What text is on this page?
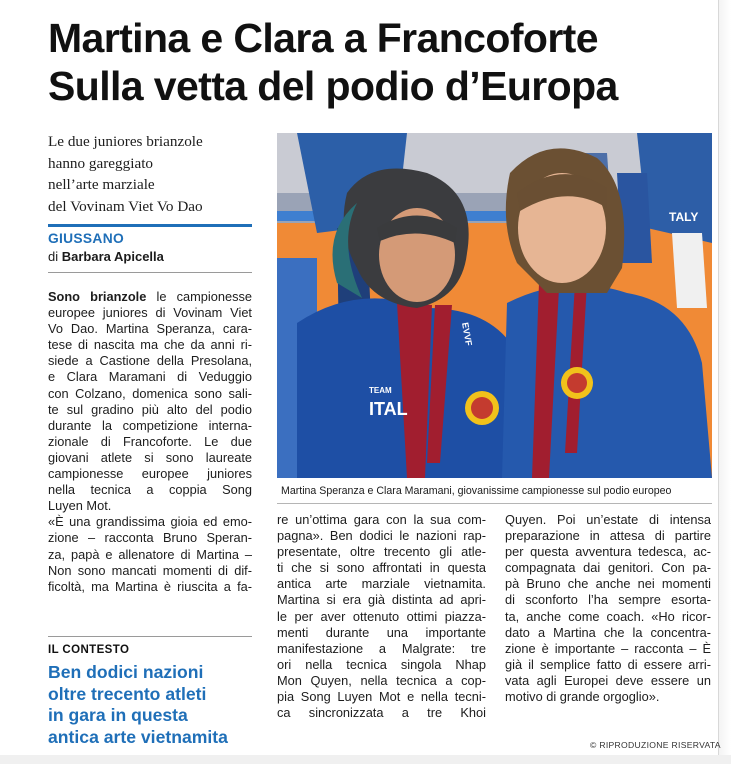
Martina e Clara a Francoforte
Sulla vetta del podio d’Europa
Le due juniores brianzole
hanno gareggiato
nell’arte marziale
del Vovinam Viet Vo Dao
GIUSSANO
di Barbara Apicella
Sono brianzole le campionesse
europee juniores di Vovinam Viet
Vo Dao. Martina Speranza, cara-
tese di nascita ma che da anni ri-
siede a Castione della Presolana,
e Clara Maramani di Veduggio
con Colzano, domenica sono sali-
te sul gradino più alto del podio
durante la competizione interna-
zionale di Francoforte. Le due
giovani atlete si sono laureate
campionesse europee juniores
nella tecnica a coppia Song
Luyen Mot.
«È una grandissima gioia ed emo-
zione – racconta Bruno Speran-
za, papà e allenatore di Martina –
Non sono mancati momenti di dif-
ficoltà, ma Martina è riuscita a fa-
IL CONTESTO
Ben dodici nazioni
oltre trecento atleti
in gara in questa
antica arte vietnamita
ITAL
TEAM
EVVF
TALY
Martina Speranza e Clara Maramani, giovanissime campionesse sul podio europeo
re un’ottima gara con la sua com-
pagna». Ben dodici le nazioni rap-
presentate, oltre trecento gli atle-
ti che si sono affrontati in questa
antica arte marziale vietnamita.
Martina si era già distinta ad apri-
le per aver ottenuto ottimi piazza-
menti durante una importante
manifestazione a Malgrate: tre
ori nella tecnica singola Nhap
Mon Quyen, nella tecnica a cop-
pia Song Luyen Mot e nella tecni-
ca sincronizzata a tre Khoi
Quyen. Poi un’estate di intensa
preparazione in attesa di partire
per questa avventura tedesca, ac-
compagnata dai genitori. Con pa-
pà Bruno che anche nei momenti
di sconforto l’ha sempre esorta-
ta, anche come coach. «Ho ricor-
dato a Martina che la concentra-
zione è importante – racconta – È
già il semplice fatto di essere arri-
vata agli Europei deve essere un
motivo di grande orgoglio».
© RIPRODUZIONE RISERVATA
